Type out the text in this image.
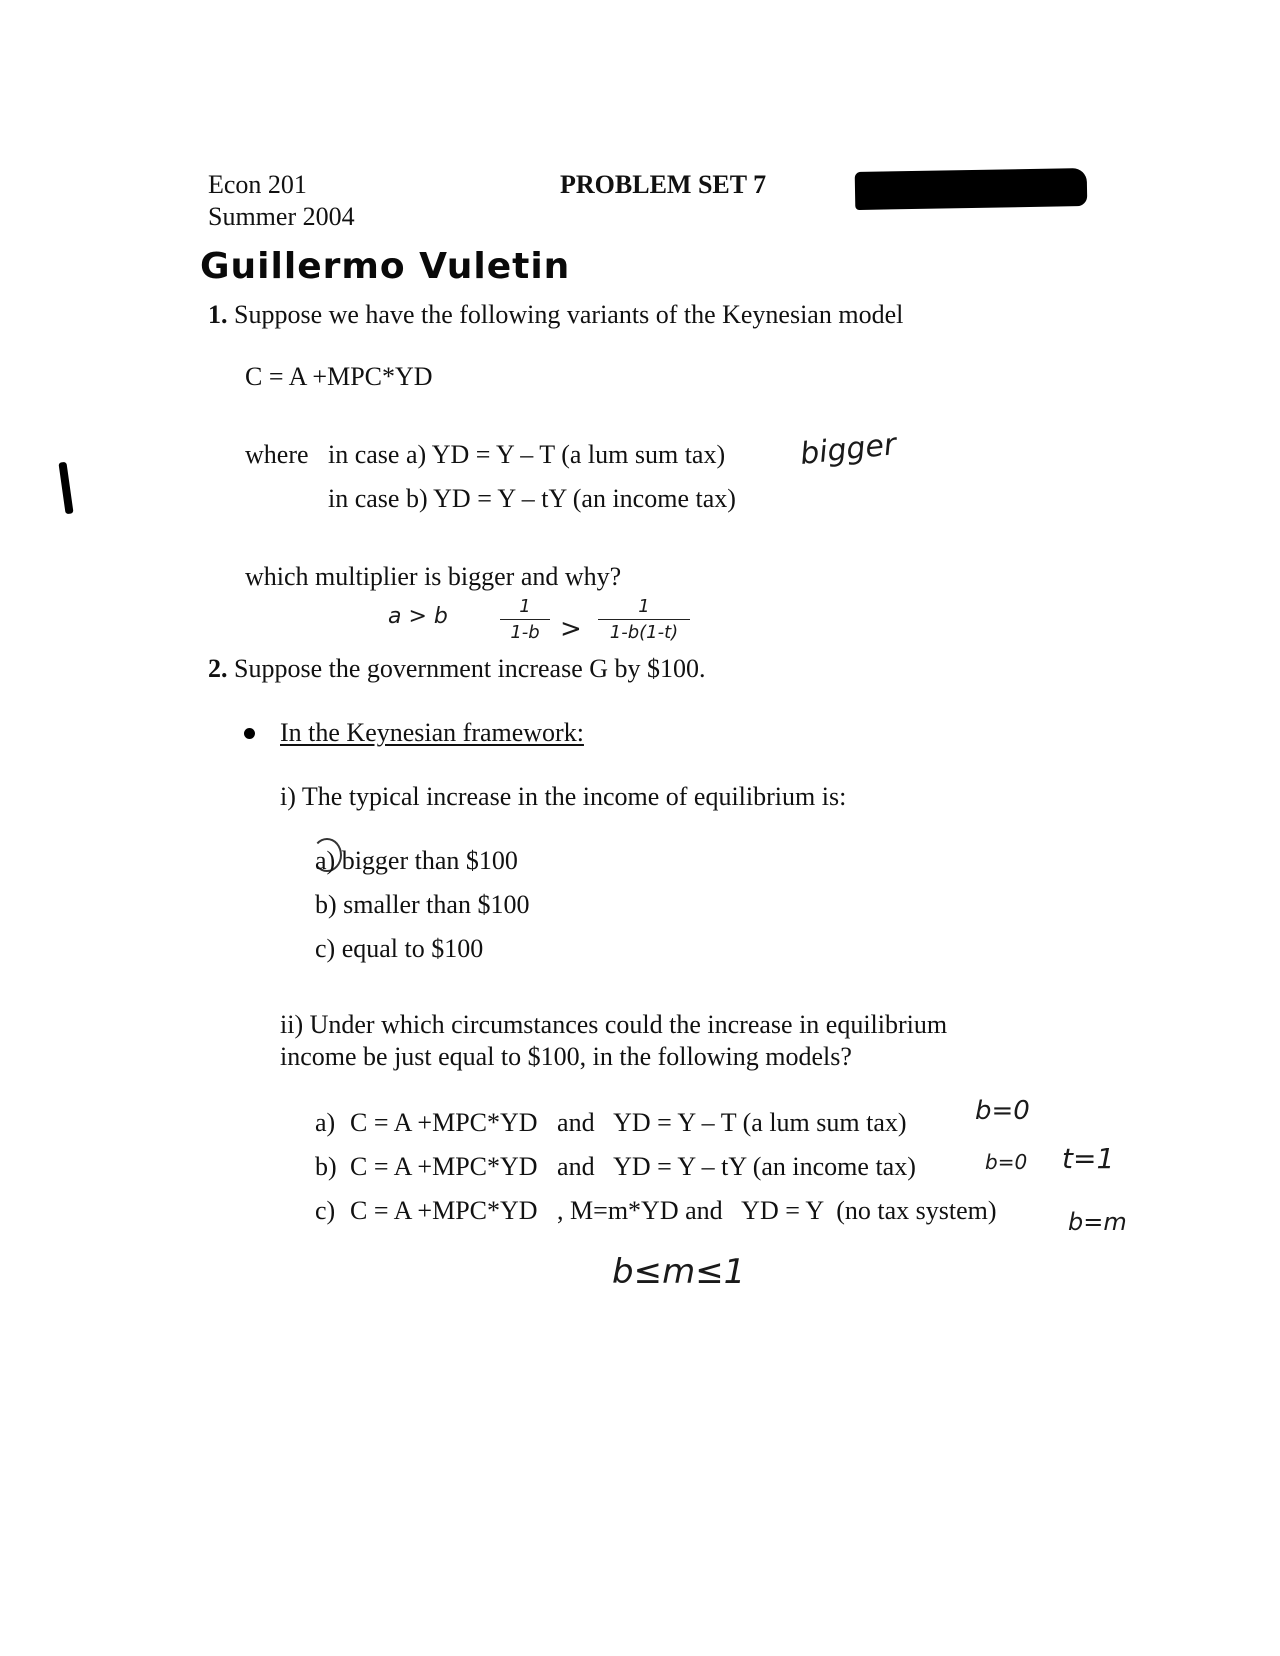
Econ 201
Summer 2004
PROBLEM SET 7
Guillermo Vuletin
1. Suppose we have the following variants of the Keynesian model
C = A +MPC*YD
where in case a) YD = Y – T (a lum sum tax) bigger
in case b) YD = Y – tY (an income tax)
which multiplier is bigger and why?
a > b	1
1-b >
1
1-b(1-t)
2. Suppose the government increase G by $100.
In the Keynesian framework:
i) The typical increase in the income of equilibrium is:
a) bigger than $100
b) smaller than $100
c) equal to $100
ii) Under which circumstances could the increase in equilibrium
income be just equal to $100, in the following models?
a) C = A +MPC*YD   and   YD = Y – T (a lum sum tax)	b=0
b) C = A +MPC*YD   and   YD = Y – tY (an income tax)	b=0 t=1
c) C = A +MPC*YD   , M=m*YD and   YD = Y  (no tax system)	b=m
b≤m≤1
